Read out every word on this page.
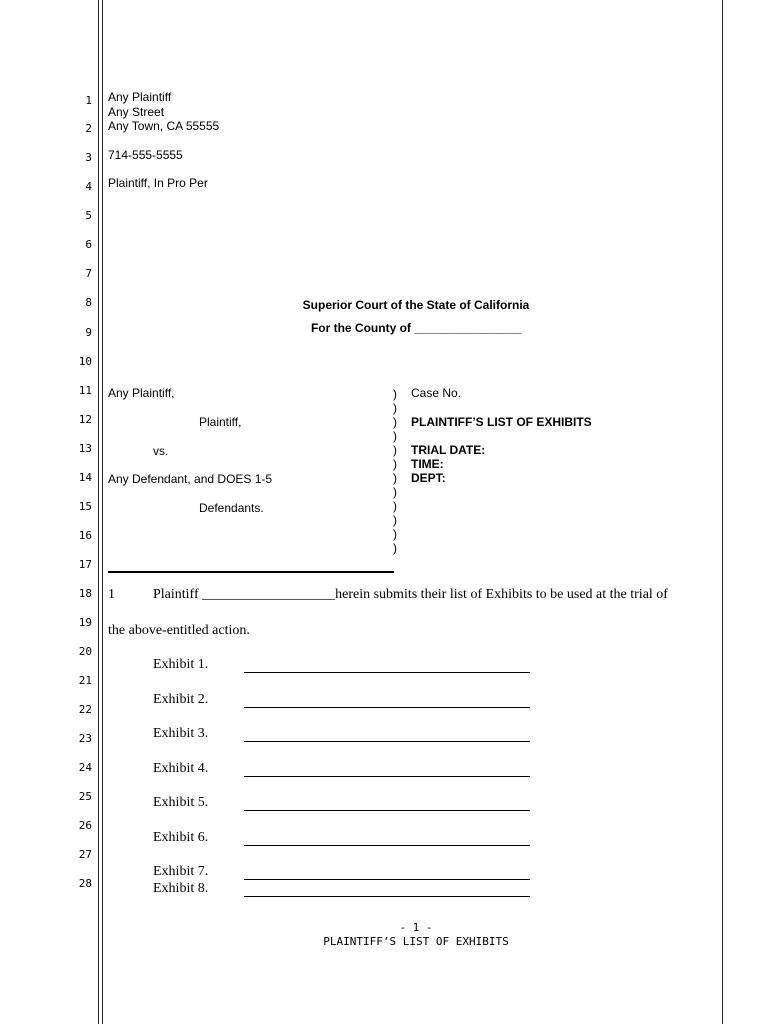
1
2
3
4
5
6
7
8
9
10
11
12
13
14
15
16
17
18
19
20
21
22
23
24
25
26
27
28
Any Plaintiff
Any Street
Any Town, CA 55555
714-555-5555
Plaintiff, In Pro Per
Superior Court of the State of California
For the County of ________________
Any Plaintiff,
Plaintiff,
vs.
Any Defendant, and DOES 1-5
Defendants.
)
)
)
)
)
)
)
)
)
)
)
)
Case No.
PLAINTIFF’S LIST OF EXHIBITS
TRIAL DATE:
TIME:
DEPT:
1	Plaintiff ___________________herein submits their list of Exhibits to be used at the trial of
the above-entitled action.
Exhibit 1.
Exhibit 2.
Exhibit 3.
Exhibit 4.
Exhibit 5.
Exhibit 6.
Exhibit 7.
Exhibit 8.
- 1 -
PLAINTIFF’S LIST OF EXHIBITS
